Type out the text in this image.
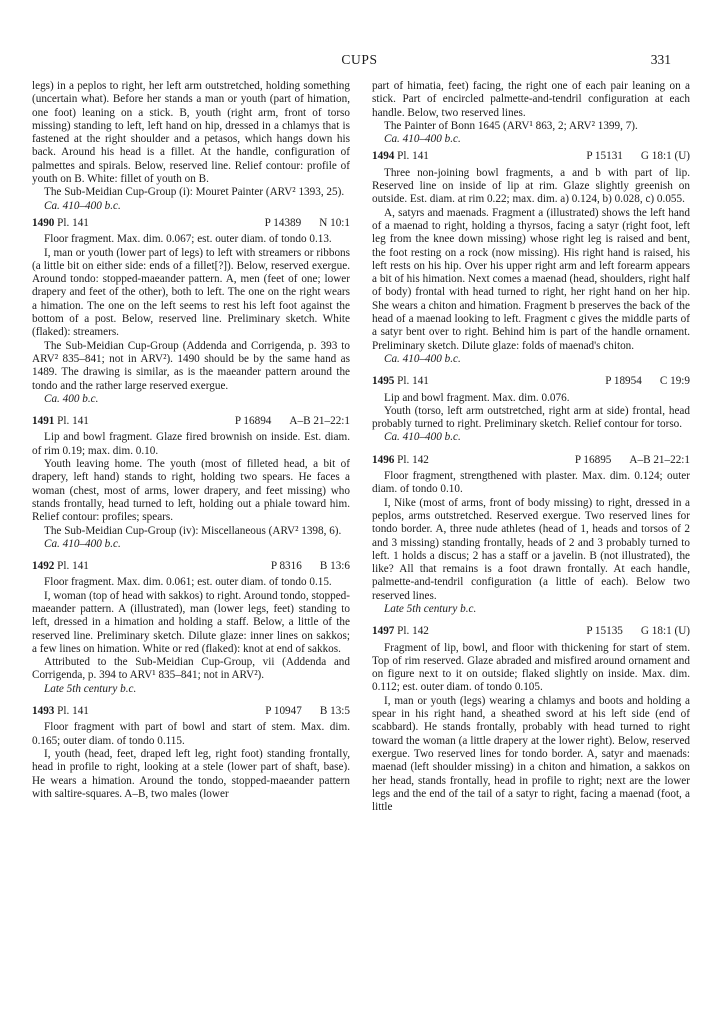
CUPS	331

legs) in a peplos to right, her left arm outstretched, holding something (uncertain what). Before her stands a man or youth (part of himation, one foot) leaning on a stick. B, youth (right arm, front of torso missing) standing to left, left hand on hip, dressed in a chlamys that is fastened at the right shoulder and a petasos, which hangs down his back. Around his head is a fillet. At the handle, configuration of palmettes and spirals. Below, reserved line. Relief contour: profile of youth on B. White: fillet of youth on B.

The Sub-Meidian Cup-Group (i): Mouret Painter (ARV² 1393, 25).

Ca. 410–400 b.c.

1490 Pl. 141	P 14389 N 10:1

Floor fragment. Max. dim. 0.067; est. outer diam. of tondo 0.13.

I, man or youth (lower part of legs) to left with streamers or ribbons (a little bit on either side: ends of a fillet[?]). Below, reserved exergue. Around tondo: stopped-maeander pattern. A, men (feet of one; lower drapery and feet of the other), both to left. The one on the right wears a himation. The one on the left seems to rest his left foot against the bottom of a post. Below, reserved line. Preliminary sketch. White (flaked): streamers.

The Sub-Meidian Cup-Group (Addenda and Corrigenda, p. 393 to ARV² 835–841; not in ARV²). 1490 should be by the same hand as 1489. The drawing is similar, as is the maeander pattern around the tondo and the rather large reserved exergue.

Ca. 400 b.c.

1491 Pl. 141	P 16894 A–B 21–22:1

Lip and bowl fragment. Glaze fired brownish on inside. Est. diam. of rim 0.19; max. dim. 0.10.

Youth leaving home. The youth (most of filleted head, a bit of drapery, left hand) stands to right, holding two spears. He faces a woman (chest, most of arms, lower drapery, and feet missing) who stands frontally, head turned to left, holding out a phiale toward him. Relief contour: profiles; spears.

The Sub-Meidian Cup-Group (iv): Miscellaneous (ARV² 1398, 6).

Ca. 410–400 b.c.

1492 Pl. 141	P 8316 B 13:6

Floor fragment. Max. dim. 0.061; est. outer diam. of tondo 0.15.

I, woman (top of head with sakkos) to right. Around tondo, stopped-maeander pattern. A (illustrated), man (lower legs, feet) standing to left, dressed in a himation and holding a staff. Below, a little of the reserved line. Preliminary sketch. Dilute glaze: inner lines on sakkos; a few lines on himation. White or red (flaked): knot at end of sakkos.

Attributed to the Sub-Meidian Cup-Group, vii (Addenda and Corrigenda, p. 394 to ARV¹ 835–841; not in ARV²).

Late 5th century b.c.

1493 Pl. 141	P 10947 B 13:5

Floor fragment with part of bowl and start of stem. Max. dim. 0.165; outer diam. of tondo 0.115.

I, youth (head, feet, draped left leg, right foot) standing frontally, head in profile to right, looking at a stele (lower part of shaft, base). He wears a himation. Around the tondo, stopped-maeander pattern with saltire-squares. A–B, two males (lower

part of himatia, feet) facing, the right one of each pair leaning on a stick. Part of encircled palmette-and-tendril configuration at each handle. Below, two reserved lines.

The Painter of Bonn 1645 (ARV¹ 863, 2; ARV² 1399, 7).

Ca. 410–400 b.c.

1494 Pl. 141	P 15131 G 18:1 (U)

Three non-joining bowl fragments, a and b with part of lip. Reserved line on inside of lip at rim. Glaze slightly greenish on outside. Est. diam. at rim 0.22; max. dim. a) 0.124, b) 0.028, c) 0.055.

A, satyrs and maenads. Fragment a (illustrated) shows the left hand of a maenad to right, holding a thyrsos, facing a satyr (right foot, left leg from the knee down missing) whose right leg is raised and bent, the foot resting on a rock (now missing). His right hand is raised, his left rests on his hip. Over his upper right arm and left forearm appears a bit of his himation. Next comes a maenad (head, shoulders, right half of body) frontal with head turned to right, her right hand on her hip. She wears a chiton and himation. Fragment b preserves the back of the head of a maenad looking to left. Fragment c gives the middle parts of a satyr bent over to right. Behind him is part of the handle ornament. Preliminary sketch. Dilute glaze: folds of maenad's chiton.

Ca. 410–400 b.c.

1495 Pl. 141	P 18954 C 19:9

Lip and bowl fragment. Max. dim. 0.076.

Youth (torso, left arm outstretched, right arm at side) frontal, head probably turned to right. Preliminary sketch. Relief contour for torso.

Ca. 410–400 b.c.

1496 Pl. 142	P 16895 A–B 21–22:1

Floor fragment, strengthened with plaster. Max. dim. 0.124; outer diam. of tondo 0.10.

I, Nike (most of arms, front of body missing) to right, dressed in a peplos, arms outstretched. Reserved exergue. Two reserved lines for tondo border. A, three nude athletes (head of 1, heads and torsos of 2 and 3 missing) standing frontally, heads of 2 and 3 probably turned to left. 1 holds a discus; 2 has a staff or a javelin. B (not illustrated), the like? All that remains is a foot drawn frontally. At each handle, palmette-and-tendril configuration (a little of each). Below two reserved lines.

Late 5th century b.c.

1497 Pl. 142	P 15135 G 18:1 (U)

Fragment of lip, bowl, and floor with thickening for start of stem. Top of rim reserved. Glaze abraded and misfired around ornament and on figure next to it on outside; flaked slightly on inside. Max. dim. 0.112; est. outer diam. of tondo 0.105.

I, man or youth (legs) wearing a chlamys and boots and holding a spear in his right hand, a sheathed sword at his left side (end of scabbard). He stands frontally, probably with head turned to right toward the woman (a little drapery at the lower right). Below, reserved exergue. Two reserved lines for tondo border. A, satyr and maenads: maenad (left shoulder missing) in a chiton and himation, a sakkos on her head, stands frontally, head in profile to right; next are the lower legs and the end of the tail of a satyr to right, facing a maenad (foot, a little
